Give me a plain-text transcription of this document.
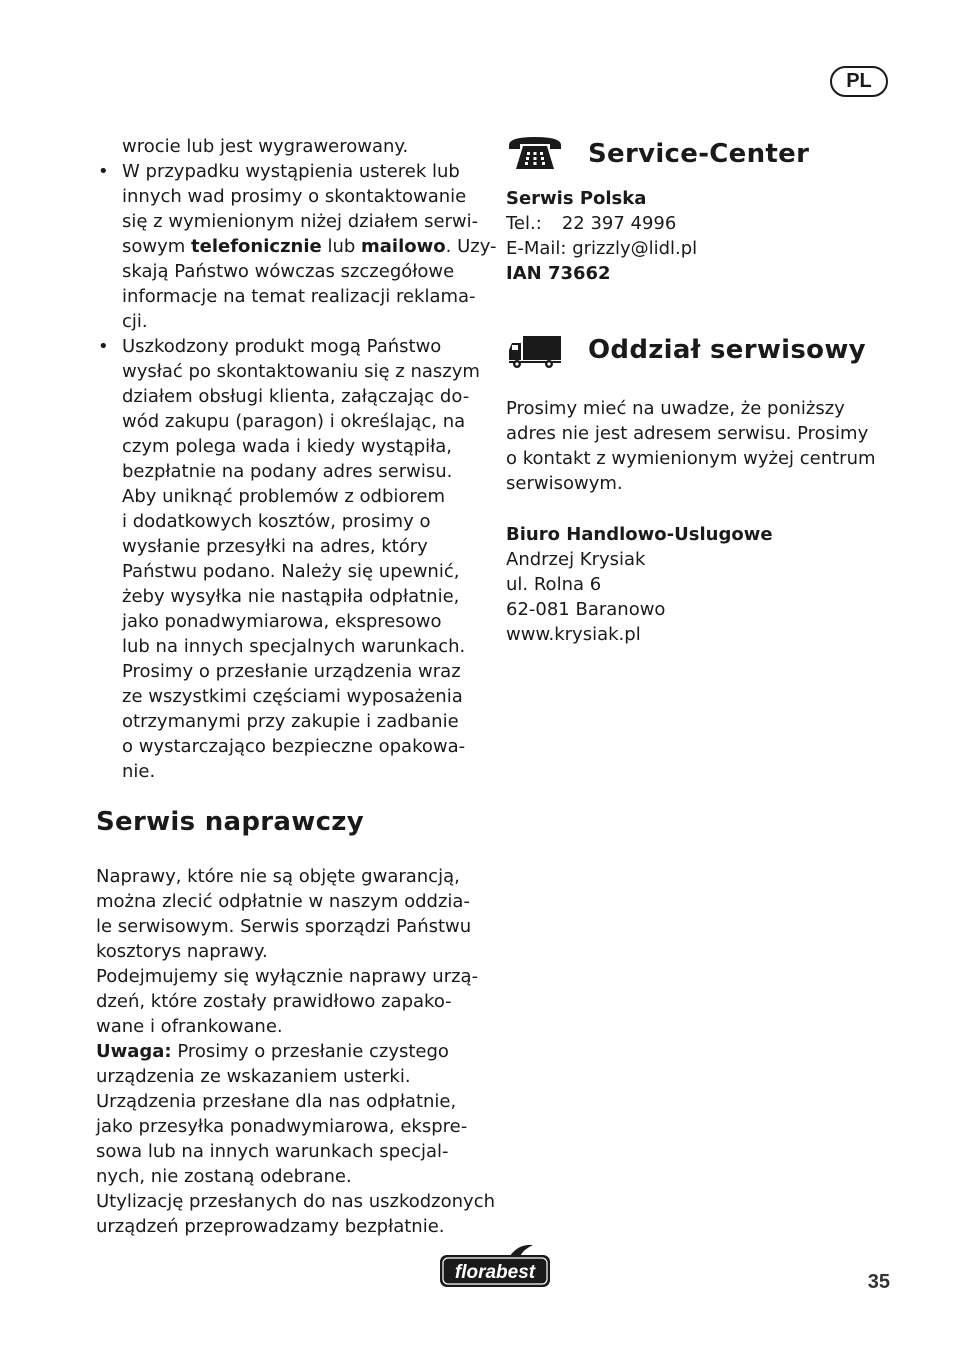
PL
wrocie lub jest wygrawerowany.
• W przypadku wystąpienia usterek lub
innych wad prosimy o skontaktowanie
się z wymienionym niżej działem serwi-
sowym telefonicznie lub mailowo. Uzy-
skają Państwo wówczas szczegółowe
informacje na temat realizacji reklama-
cji.
• Uszkodzony produkt mogą Państwo
wysłać po skontaktowaniu się z naszym
działem obsługi klienta, załączając do-
wód zakupu (paragon) i określając, na
czym polega wada i kiedy wystąpiła,
bezpłatnie na podany adres serwisu.
Aby uniknąć problemów z odbiorem
i dodatkowych kosztów, prosimy o
wysłanie przesyłki na adres, który
Państwu podano. Należy się upewnić,
żeby wysyłka nie nastąpiła odpłatnie,
jako ponadwymiarowa, ekspresowo
lub na innych specjalnych warunkach.
Prosimy o przesłanie urządzenia wraz
ze wszystkimi częściami wyposażenia
otrzymanymi przy zakupie i zadbanie
o wystarczająco bezpieczne opakowa-
nie.
Serwis naprawczy
Naprawy, które nie są objęte gwarancją,
można zlecić odpłatnie w naszym oddzia-
le serwisowym. Serwis sporządzi Państwu
kosztorys naprawy.
Podejmujemy się wyłącznie naprawy urzą-
dzeń, które zostały prawidłowo zapako-
wane i ofrankowane.
Uwaga: Prosimy o przesłanie czystego
urządzenia ze wskazaniem usterki.
Urządzenia przesłane dla nas odpłatnie,
jako przesyłka ponadwymiarowa, ekspre-
sowa lub na innych warunkach specjal-
nych, nie zostaną odebrane.
Utylizację przesłanych do nas uszkodzonych
urządzeń przeprowadzamy bezpłatnie.
Service-Center
Serwis Polska
Tel.: 22 397 4996
E-Mail: grizzly@lidl.pl
IAN 73662
Oddział serwisowy
Prosimy mieć na uwadze, że poniższy
adres nie jest adresem serwisu. Prosimy
o kontakt z wymienionym wyżej centrum
serwisowym.
Biuro Handlowo-Uslugowe
Andrzej Krysiak
ul. Rolna 6
62-081 Baranowo
www.krysiak.pl
florabest	35
